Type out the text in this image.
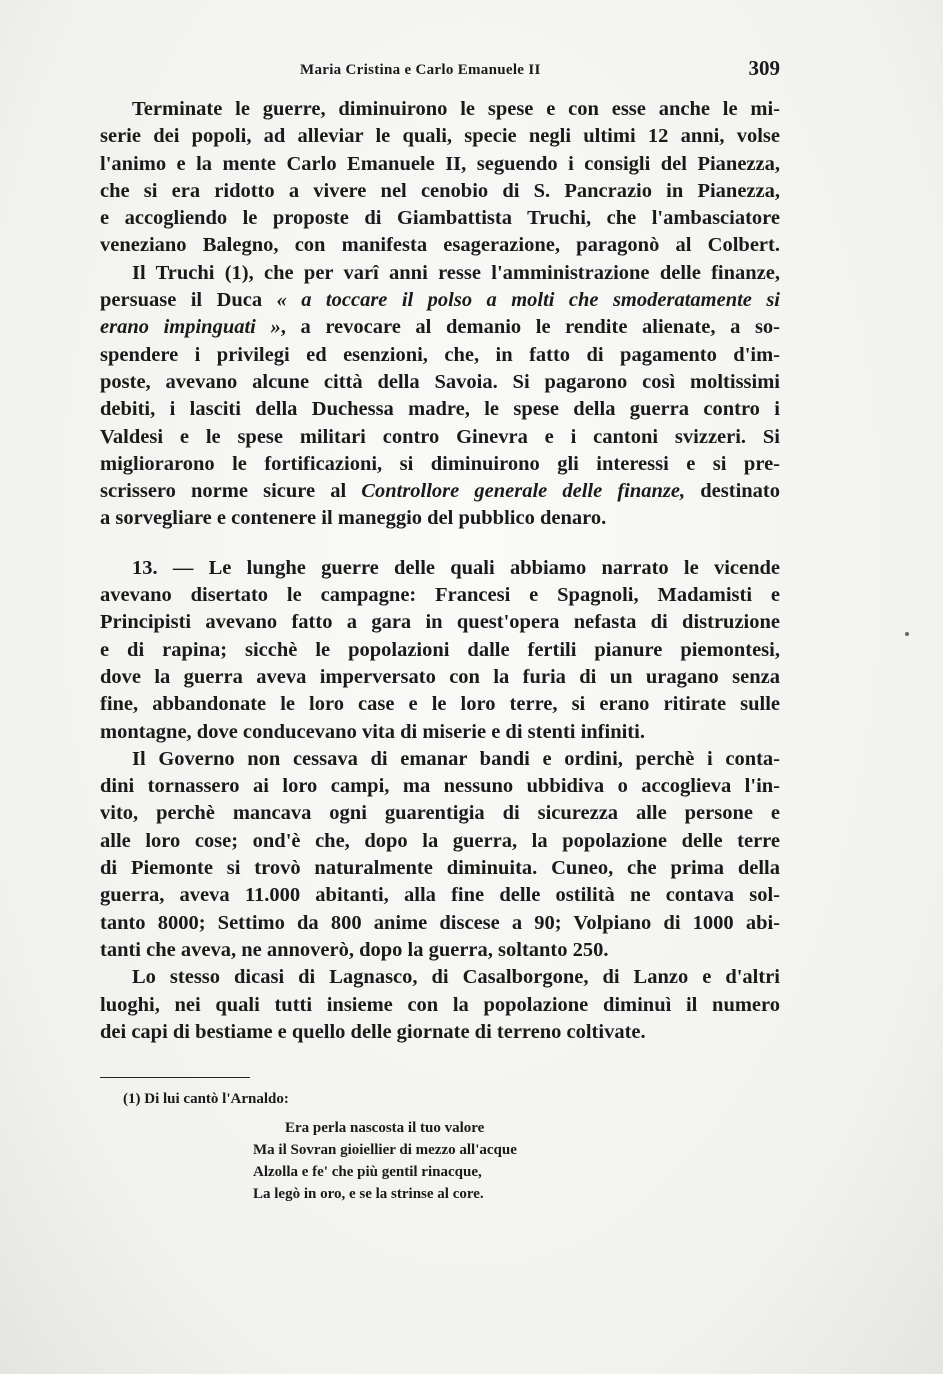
Maria Cristina e Carlo Emanuele II	309
Terminate le guerre, diminuirono le spese e con esse anche le mi-
serie dei popoli, ad alleviar le quali, specie negli ultimi 12 anni, volse
l'animo e la mente Carlo Emanuele II, seguendo i consigli del Pianezza,
che si era ridotto a vivere nel cenobio di S. Pancrazio in Pianezza,
e accogliendo le proposte di Giambattista Truchi, che l'ambasciatore
veneziano Balegno, con manifesta esagerazione, paragonò al Colbert.
Il Truchi (1), che per varî anni resse l'amministrazione delle finanze,
persuase il Duca « a toccare il polso a molti che smoderatamente si
erano impinguati », a revocare al demanio le rendite alienate, a so-
spendere i privilegi ed esenzioni, che, in fatto di pagamento d'im-
poste, avevano alcune città della Savoia. Si pagarono così moltissimi
debiti, i lasciti della Duchessa madre, le spese della guerra contro i
Valdesi e le spese militari contro Ginevra e i cantoni svizzeri. Si
migliorarono le fortificazioni, si diminuirono gli interessi e si pre-
scrissero norme sicure al Controllore generale delle finanze, destinato
a sorvegliare e contenere il maneggio del pubblico denaro.
13. — Le lunghe guerre delle quali abbiamo narrato le vicende
avevano disertato le campagne: Francesi e Spagnoli, Madamisti e
Principisti avevano fatto a gara in quest'opera nefasta di distruzione
e di rapina; sicchè le popolazioni dalle fertili pianure piemontesi,
dove la guerra aveva imperversato con la furia di un uragano senza
fine, abbandonate le loro case e le loro terre, si erano ritirate sulle
montagne, dove conducevano vita di miserie e di stenti infiniti.
Il Governo non cessava di emanar bandi e ordini, perchè i conta-
dini tornassero ai loro campi, ma nessuno ubbidiva o accoglieva l'in-
vito, perchè mancava ogni guarentigia di sicurezza alle persone e
alle loro cose; ond'è che, dopo la guerra, la popolazione delle terre
di Piemonte si trovò naturalmente diminuita. Cuneo, che prima della
guerra, aveva 11.000 abitanti, alla fine delle ostilità ne contava sol-
tanto 8000; Settimo da 800 anime discese a 90; Volpiano di 1000 abi-
tanti che aveva, ne annoverò, dopo la guerra, soltanto 250.
Lo stesso dicasi di Lagnasco, di Casalborgone, di Lanzo e d'altri
luoghi, nei quali tutti insieme con la popolazione diminuì il numero
dei capi di bestiame e quello delle giornate di terreno coltivate.
(1) Di lui cantò l'Arnaldo:
Era perla nascosta il tuo valore
Ma il Sovran gioiellier di mezzo all'acque
Alzolla e fe' che più gentil rinacque,
La legò in oro, e se la strinse al core.
